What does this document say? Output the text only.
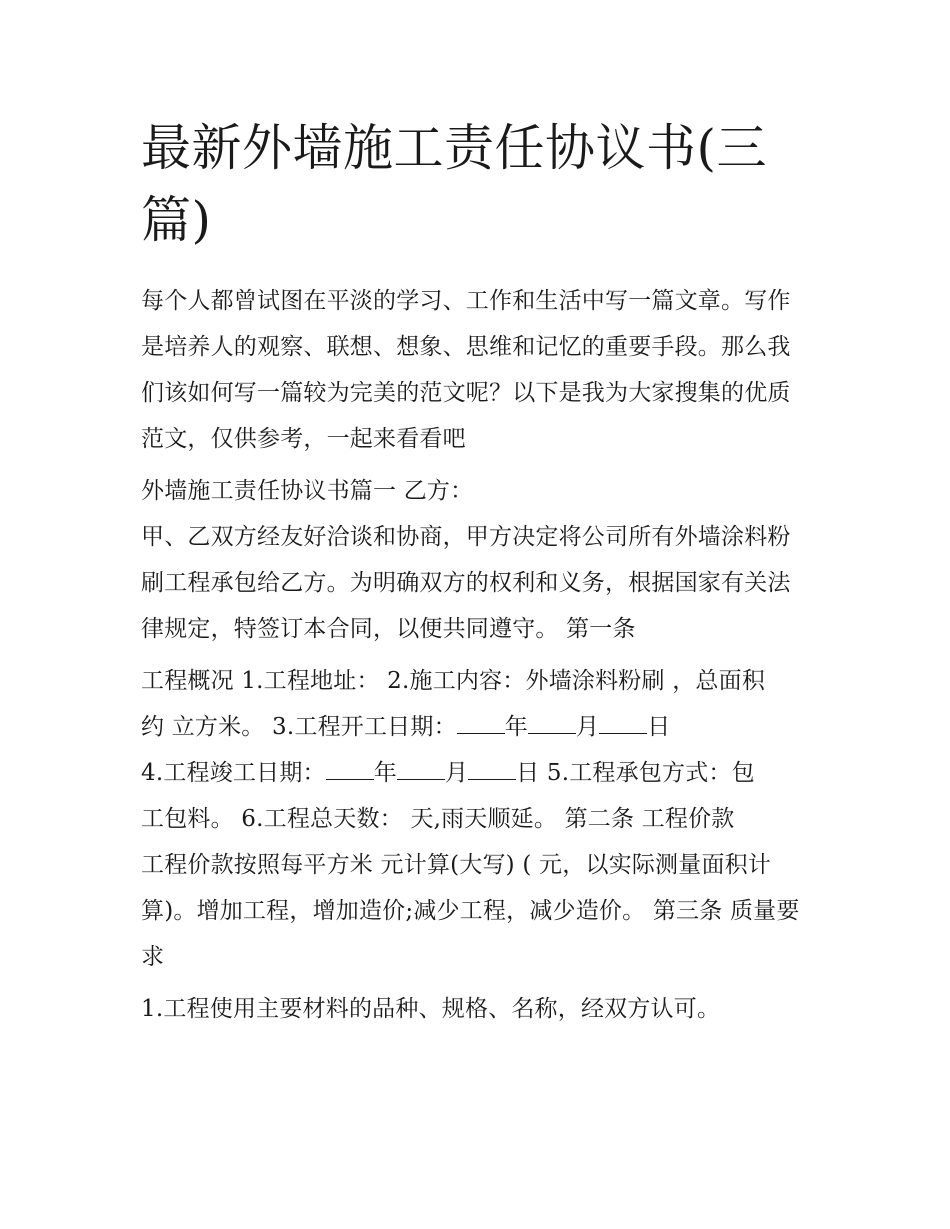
最新外墙施工责任协议书(三篇)

每个人都曾试图在平淡的学习、工作和生活中写一篇文章。写作是培养人的观察、联想、想象、思维和记忆的重要手段。那么我们该如何写一篇较为完美的范文呢？以下是我为大家搜集的优质范文，仅供参考，一起来看看吧

外墙施工责任协议书篇一 乙方：

甲、乙双方经友好洽谈和协商，甲方决定将公司所有外墙涂料粉刷工程承包给乙方。为明确双方的权利和义务，根据国家有关法律规定，特签订本合同，以便共同遵守。 第一条

工程概况 1.工程地址： 2.施工内容：外墙涂料粉刷 ，总面积

约 立方米。 3.工程开工日期： 年 月 日

4.工程竣工日期： 年 月 日 5.工程承包方式：包

工包料。 6.工程总天数： 天,雨天顺延。 第二条 工程价款

工程价款按照每平方米 元计算(大写) ( 元，以实际测量面积计算)。增加工程，增加造价;减少工程，减少造价。 第三条 质量要求

1.工程使用主要材料的品种、规格、名称，经双方认可。
